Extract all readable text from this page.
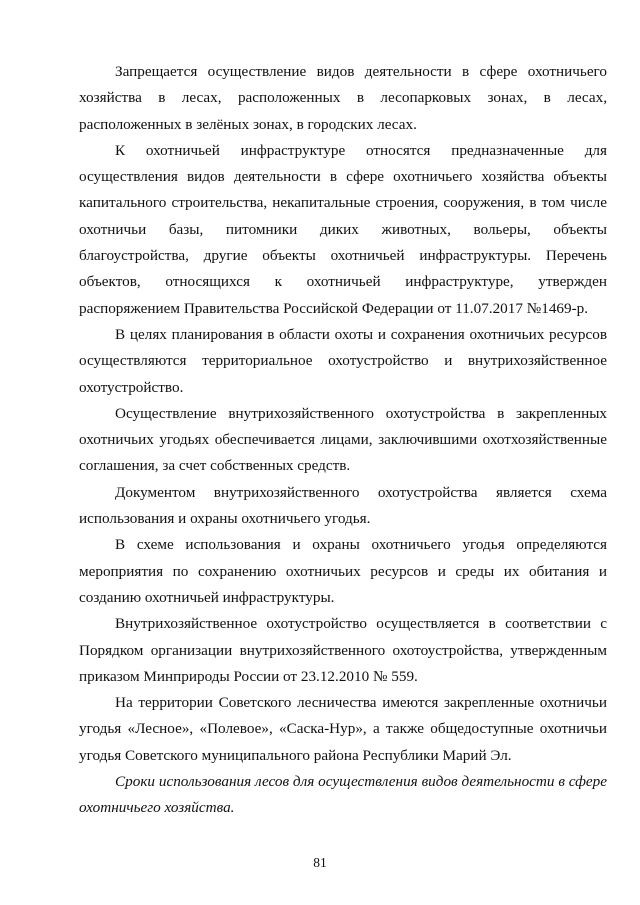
Запрещается осуществление видов деятельности в сфере охотничьего хозяйства в лесах, расположенных в лесопарковых зонах, в лесах, расположенных в зелёных зонах, в городских лесах.

К охотничьей инфраструктуре относятся предназначенные для осуществления видов деятельности в сфере охотничьего хозяйства объекты капитального строительства, некапитальные строения, сооружения, в том числе охотничьи базы, питомники диких животных, вольеры, объекты благоустройства, другие объекты охотничьей инфраструктуры. Перечень объектов, относящихся к охотничьей инфраструктуре, утвержден распоряжением Правительства Российской Федерации от 11.07.2017 №1469-р.

В целях планирования в области охоты и сохранения охотничьих ресурсов осуществляются территориальное охотустройство и внутрихозяйственное охотустройство.

Осуществление внутрихозяйственного охотустройства в закрепленных охотничьих угодьях обеспечивается лицами, заключившими охотхозяйственные соглашения, за счет собственных средств.

Документом внутрихозяйственного охотустройства является схема использования и охраны охотничьего угодья.

В схеме использования и охраны охотничьего угодья определяются мероприятия по сохранению охотничьих ресурсов и среды их обитания и созданию охотничьей инфраструктуры.

Внутрихозяйственное охотустройство осуществляется в соответствии с Порядком организации внутрихозяйственного охотоустройства, утвержденным приказом Минприроды России от 23.12.2010 № 559.

На территории Советского лесничества имеются закрепленные охотничьи угодья «Лесное», «Полевое», «Саска-Нур», а также общедоступные охотничьи угодья Советского муниципального района Республики Марий Эл.

Сроки использования лесов для осуществления видов деятельности в сфере охотничьего хозяйства.

81
